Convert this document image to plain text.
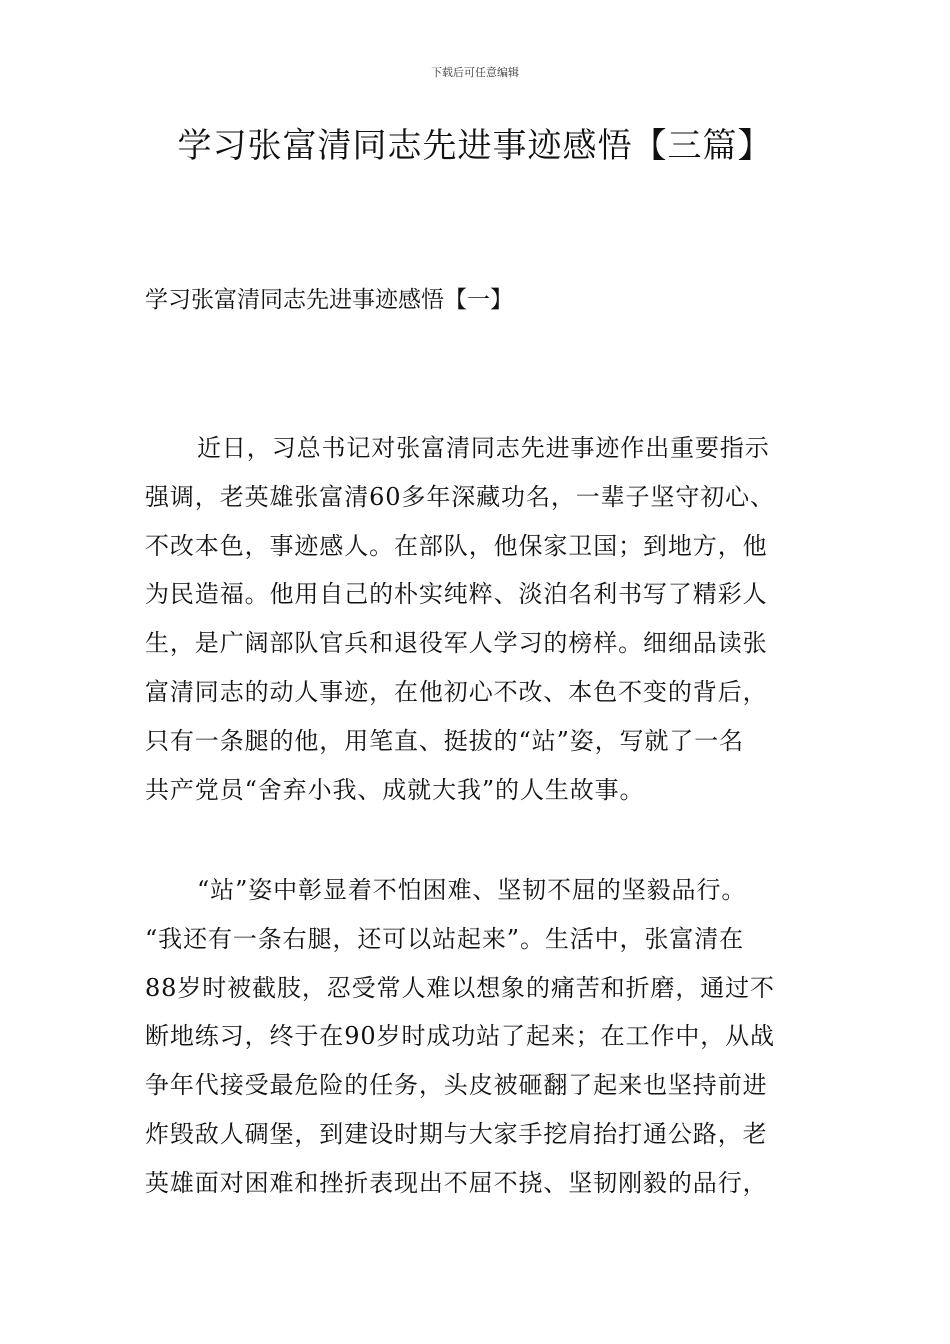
下载后可任意编辑
学习张富清同志先进事迹感悟【三篇】
学习张富清同志先进事迹感悟【一】
近日，习总书记对张富清同志先进事迹作出重要指示
强调，老英雄张富清60多年深藏功名，一辈子坚守初心、
不改本色，事迹感人。在部队，他保家卫国；到地方，他
为民造福。他用自己的朴实纯粹、淡泊名利书写了精彩人
生，是广阔部队官兵和退役军人学习的榜样。细细品读张
富清同志的动人事迹，在他初心不改、本色不变的背后，
只有一条腿的他，用笔直、挺拔的“站”姿，写就了一名
共产党员“舍弃小我、成就大我”的人生故事。
“站”姿中彰显着不怕困难、坚韧不屈的坚毅品行。
“我还有一条右腿，还可以站起来”。生活中，张富清在
88岁时被截肢，忍受常人难以想象的痛苦和折磨，通过不
断地练习，终于在90岁时成功站了起来；在工作中，从战
争年代接受最危险的任务，头皮被砸翻了起来也坚持前进
炸毁敌人碉堡，到建设时期与大家手挖肩抬打通公路，老
英雄面对困难和挫折表现出不屈不挠、坚韧刚毅的品行，
